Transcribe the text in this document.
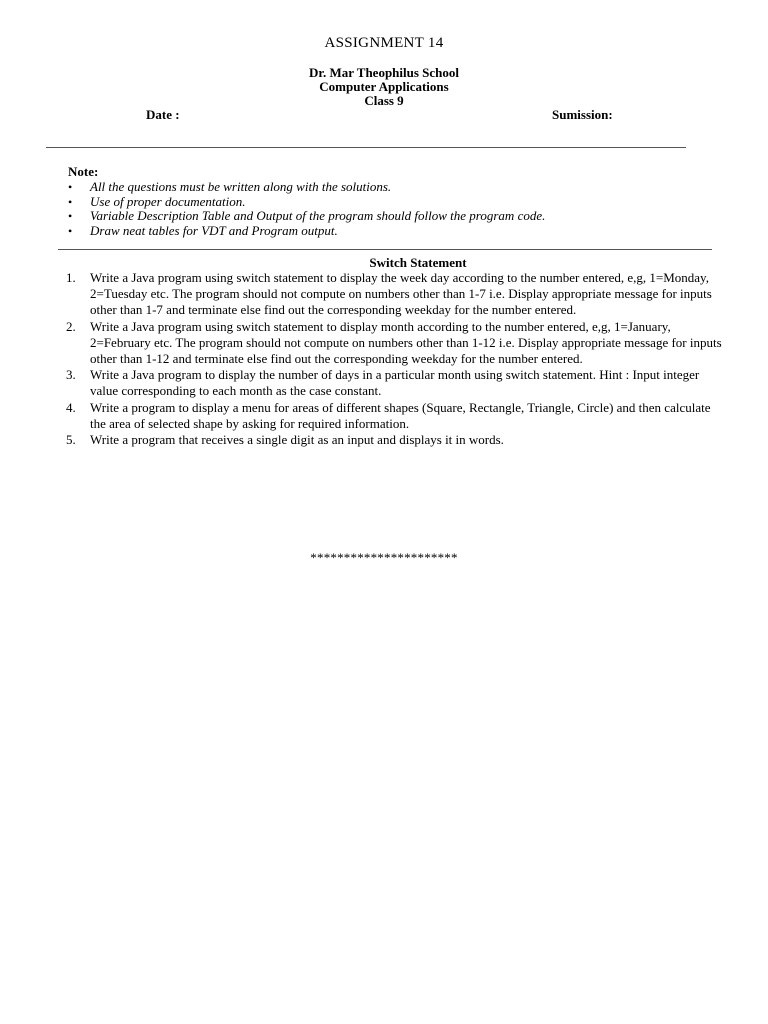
ASSIGNMENT 14
Dr. Mar Theophilus School
Computer Applications
Class 9
Date :	Sumission:
Note:
• All the questions must be written along with the solutions.
• Use of proper documentation.
• Variable Description Table and Output of the program should follow the program code.
• Draw neat tables for VDT and Program output.
Switch Statement
1. Write a Java program using switch statement to display the week day according to the number entered, e,g, 1=Monday, 2=Tuesday etc. The program should not compute on numbers other than 1-7 i.e. Display appropriate message for inputs other than 1-7 and terminate else find out the corresponding weekday for the number entered.
2. Write a Java program using switch statement to display month according to the number entered, e,g, 1=January, 2=February etc. The program should not compute on numbers other than 1-12 i.e. Display appropriate message for inputs other than 1-12 and terminate else find out the corresponding weekday for the number entered.
3. Write a Java program to display the number of days in a particular month using switch statement. Hint : Input integer value corresponding to each month as the case constant.
4. Write a program to display a menu for areas of different shapes (Square, Rectangle, Triangle, Circle) and then calculate the area of selected shape by asking for required information.
5. Write a program that receives a single digit as an input and displays it in words.
**********************
